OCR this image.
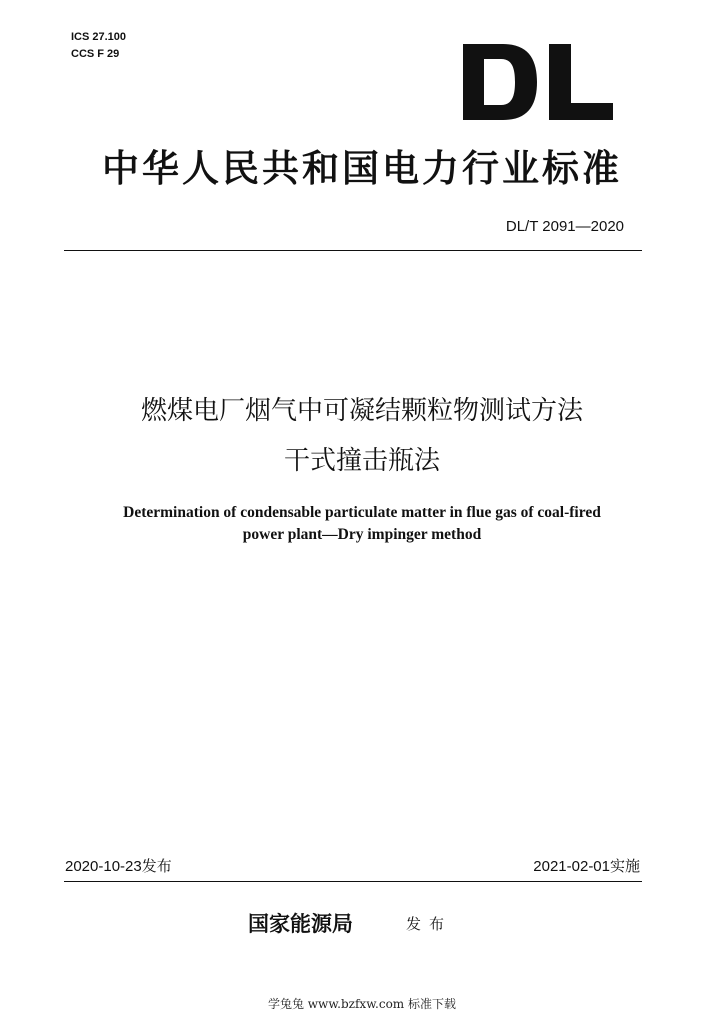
ICS 27.100
CCS F 29
中华人民共和国电力行业标准
DL/T 2091—2020
燃煤电厂烟气中可凝结颗粒物测试方法
干式撞击瓶法
Determination of condensable particulate matter in flue gas of coal-fired
power plant—Dry impinger method
2020-10-23发布	2021-02-01实施
国家能源局	发布
学兔兔 www.bzfxw.com 标准下载
